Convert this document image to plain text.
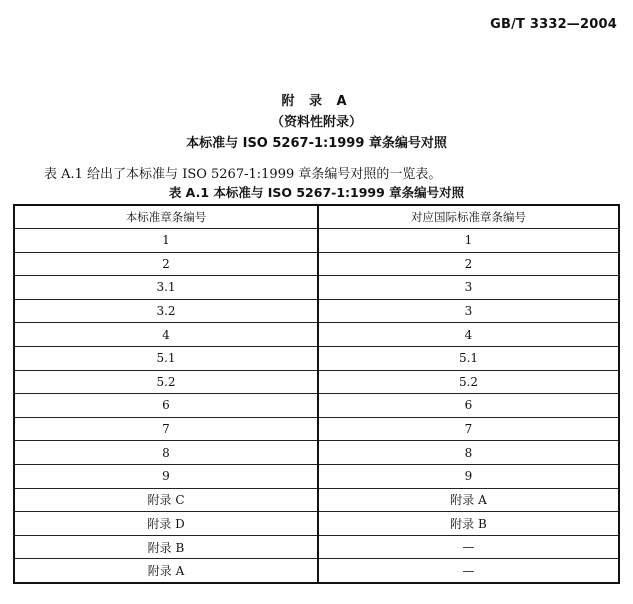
GB/T 3332—2004
附 录 A
（资料性附录）
本标准与 ISO 5267-1:1999 章条编号对照
表 A.1 给出了本标准与 ISO 5267-1:1999 章条编号对照的一览表。
表 A.1 本标准与 ISO 5267-1:1999 章条编号对照
本标准章条编号	对应国际标准章条编号
1	1
2	2
3.1	3
3.2	3
4	4
5.1	5.1
5.2	5.2
6	6
7	7
8	8
9	9
附录 C	附录 A
附录 D	附录 B
附录 B	—
附录 A	—
